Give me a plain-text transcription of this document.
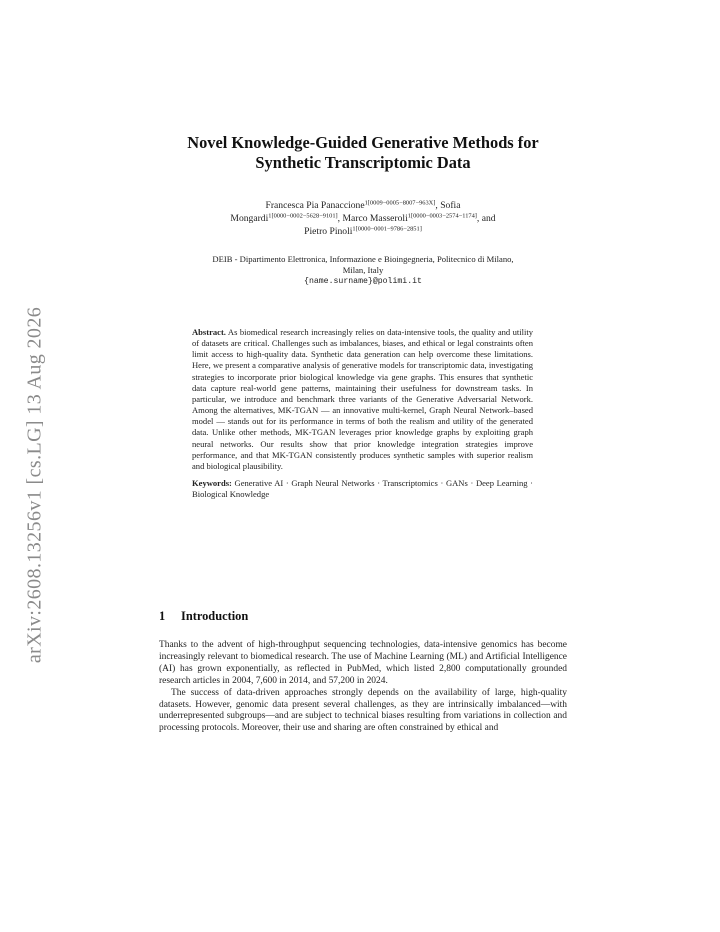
arXiv:2608.13256v1 [cs.LG] 13 Aug 2026
Novel Knowledge-Guided Generative Methods for
Synthetic Transcriptomic Data
Francesca Pia Panaccione$^{1[0009-0005-8007-963X]}$, Sofia
Mongardi$^{1[0000-0002-5628-9101]}$, Marco Masseroli$^{1[0000-0003-2574-1174]}$, and
Pietro Pinoli$^{1[0000-0001-9786-2851]}$
DEIB - Dipartimento Elettronica, Informazione e Bioingegneria, Politecnico di Milano,
Milan, Italy
{name.surname}@polimi.it

Abstract. As biomedical research increasingly relies on data-intensive tools, the quality and utility of datasets are critical. Challenges such as imbalances, biases, and ethical or legal constraints often limit access to high-quality data. Synthetic data generation can help overcome these limitations. Here, we present a comparative analysis of generative models for transcriptomic data, investigating strategies to incorporate prior biological knowledge via gene graphs. This ensures that synthetic data capture real-world gene patterns, maintaining their usefulness for downstream tasks. In particular, we introduce and benchmark three variants of the Generative Adversarial Network. Among the alternatives, MK-TGAN — an innovative multi-kernel, Graph Neural Network–based model — stands out for its performance in terms of both the realism and utility of the generated data. Unlike other methods, MK-TGAN leverages prior knowledge graphs by exploiting graph neural networks. Our results show that prior knowledge integration strategies improve performance, and that MK-TGAN consistently produces synthetic samples with superior realism and biological plausibility.

Keywords: Generative AI · Graph Neural Networks · Transcriptomics · GANs · Deep Learning · Biological Knowledge

1 Introduction

Thanks to the advent of high-throughput sequencing technologies, data-intensive genomics has become increasingly relevant to biomedical research. The use of Machine Learning (ML) and Artificial Intelligence (AI) has grown exponentially, as reflected in PubMed, which listed 2,800 computationally grounded research articles in 2004, 7,600 in 2014, and 57,200 in 2024.

The success of data-driven approaches strongly depends on the availability of large, high-quality datasets. However, genomic data present several challenges, as they are intrinsically imbalanced—with underrepresented subgroups—and are subject to technical biases resulting from variations in collection and processing protocols. Moreover, their use and sharing are often constrained by ethical and
